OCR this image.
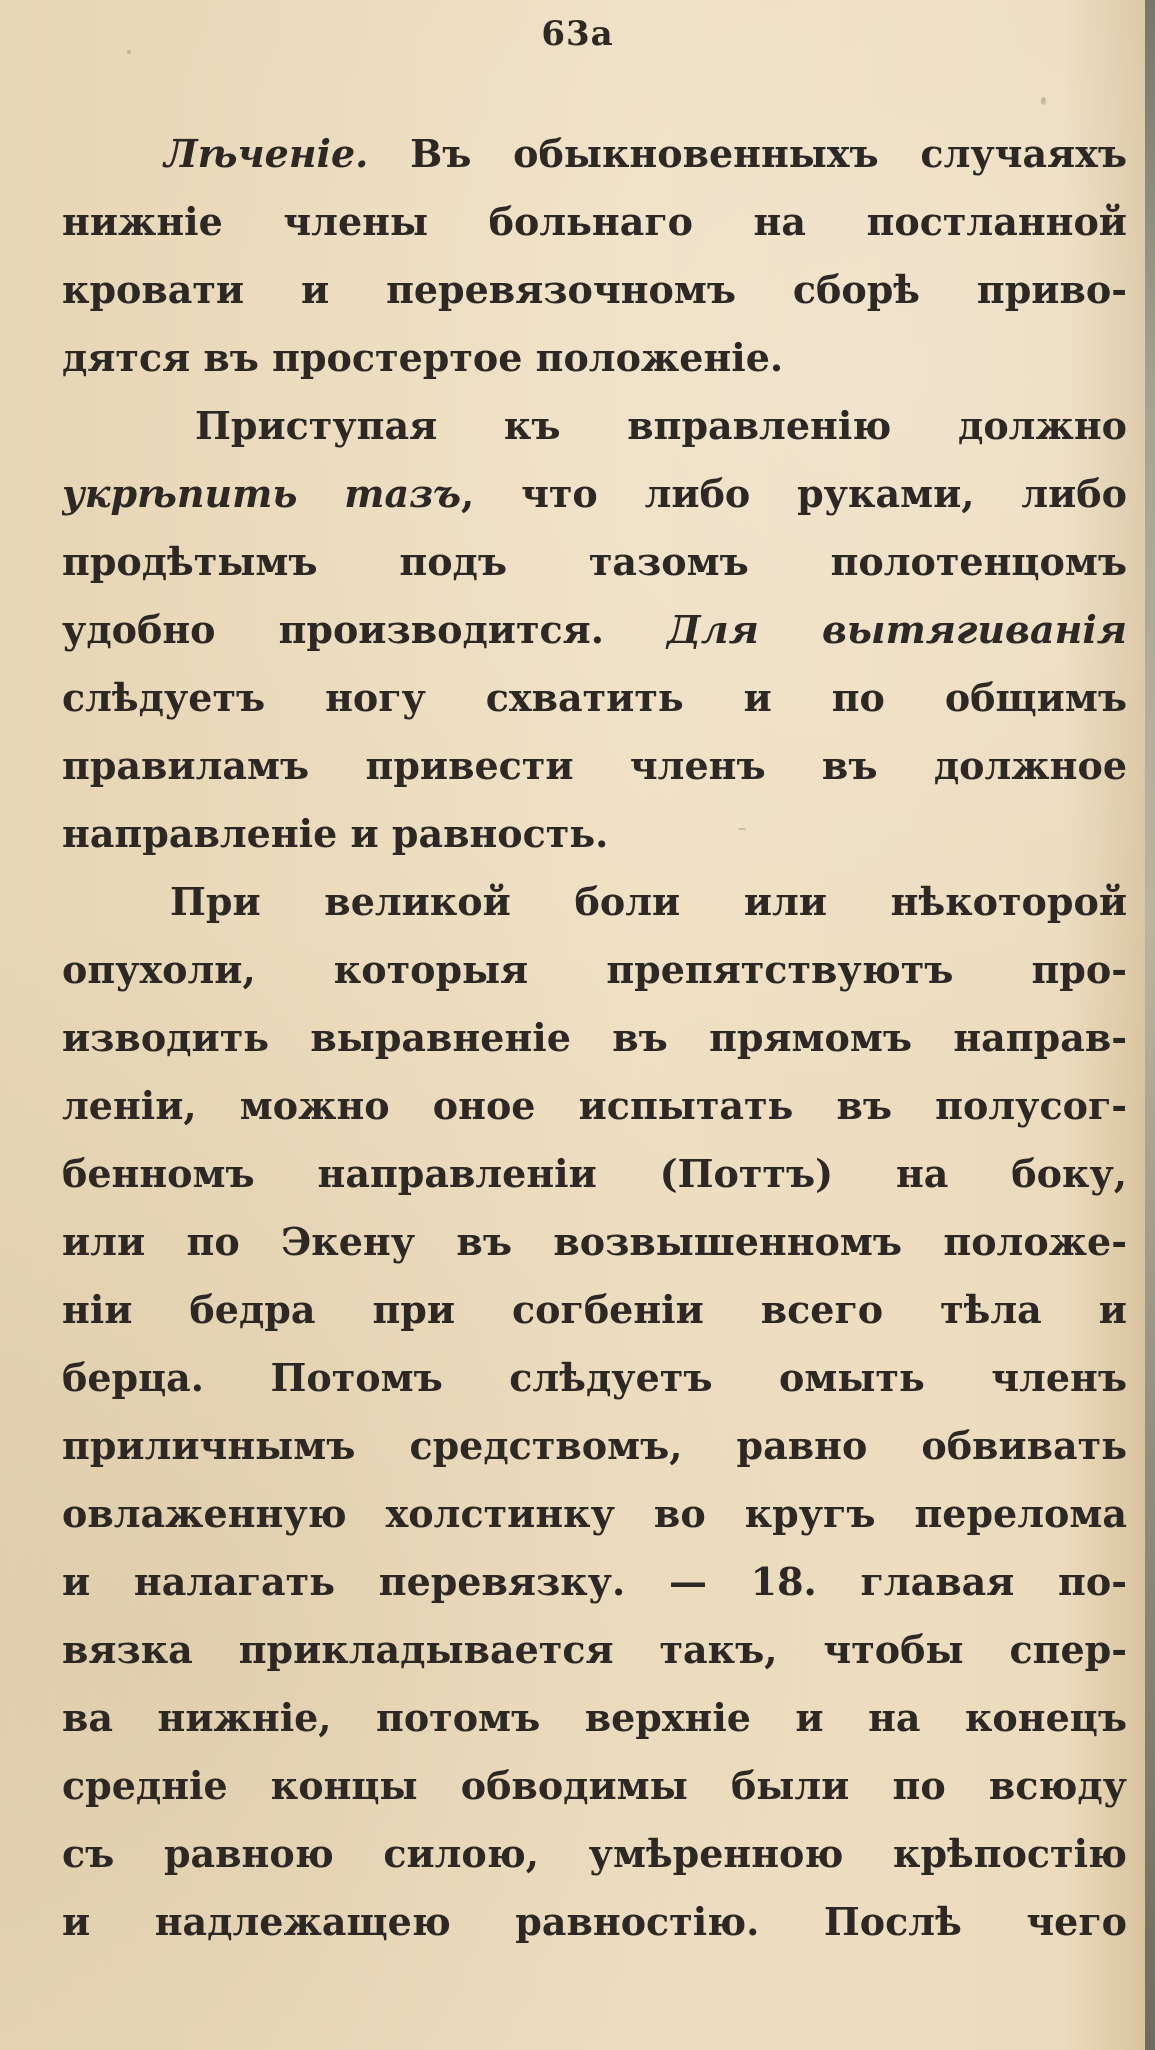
63a
Лѣченіе. Въ обыкновенныхъ случаяхъ
нижніе члены больнаго на постланной
кровати и перевязочномъ сборѣ приво-
дятся въ простертое положеніе.
Приступая къ вправленію должно
укрѣпить тазъ, что либо руками, либо
продѣтымъ подъ тазомъ полотенцомъ
удобно производится. Для вытягиванія
слѣдуетъ ногу схватить и по общимъ
правиламъ привести членъ въ должное
направленіе и равность.
При великой боли или нѣкоторой
опухоли, которыя препятствуютъ про-
изводить выравненіе въ прямомъ направ-
леніи, можно оное испытать въ полусог-
бенномъ направленіи (Поттъ) на боку,
или по Экену въ возвышенномъ положе-
ніи бедра при согбеніи всего тѣла и
берца. Потомъ слѣдуетъ омыть членъ
приличнымъ средствомъ, равно обвивать
овлаженную холстинку во кругъ перелома
и налагать перевязку. — 18. главая по-
вязка прикладывается такъ, чтобы спер-
ва нижніе, потомъ верхніе и на конецъ
средніе концы обводимы были по всюду
съ равною силою, умѣренною крѣпостію
и надлежащею равностію. Послѣ чего
